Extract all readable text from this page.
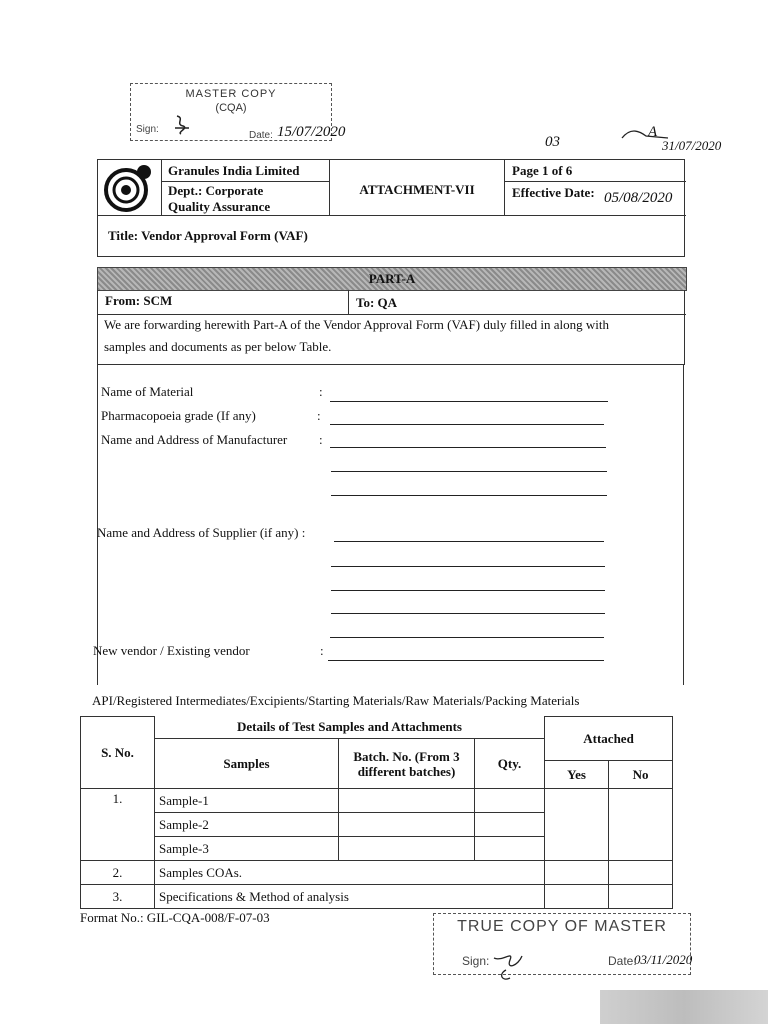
MASTER COPY
(CQA)
Sign:
Date: 15/07/2020
03
A
31/07/2020
Granules India Limited
Dept.: Corporate
Quality Assurance
ATTACHMENT-VII
Page 1 of 6
Effective Date: 05/08/2020
Title: Vendor Approval Form (VAF)
PART-A
From: SCM	To: QA
We are forwarding herewith Part-A of the Vendor Approval Form (VAF) duly filled in along with
samples and documents as per below Table.
Name of Material	:
Pharmacopoeia grade (If any)	:
Name and Address of Manufacturer :
Name and Address of Supplier (if any) :
New vendor / Existing vendor	:
API/Registered Intermediates/Excipients/Starting Materials/Raw Materials/Packing Materials
S. No.	Details of Test Samples and Attachments			Attached	
	Samples	Batch. No. (From 3 different batches)	Qty.		
				Yes	No
1.	Sample-1				
	Sample-2				
	Sample-3				
2.	Samples COAs.				
3.	Specifications & Method of analysis				
Format No.: GIL-CQA-008/F-07-03
TRUE COPY OF MASTER
Sign:	Date:
03/11/2020
